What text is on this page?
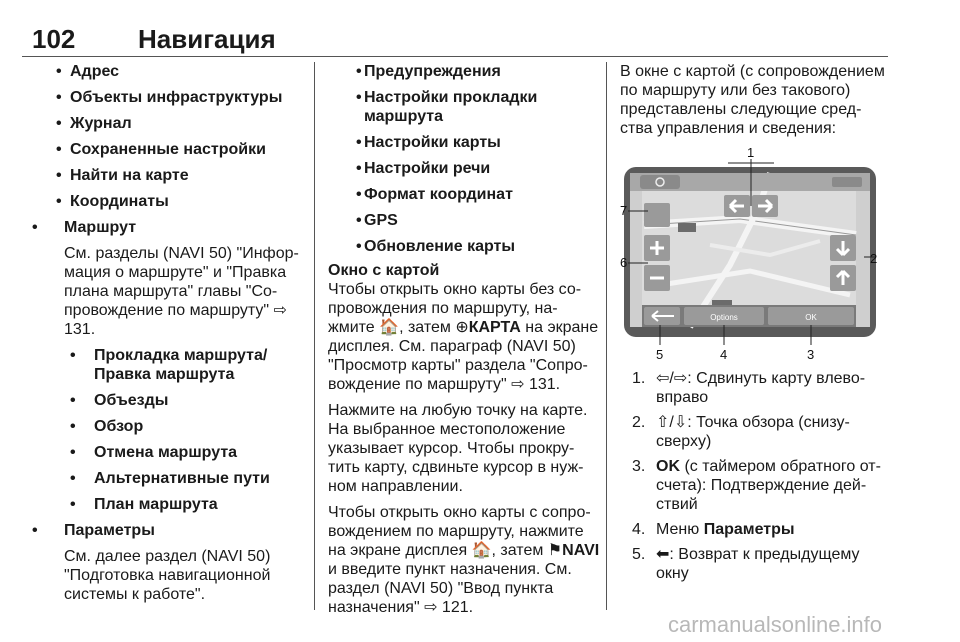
102 Навигация
• Адрес
• Объекты инфраструктуры
• Журнал
• Сохраненные настройки
• Найти на карте
• Координаты
• Маршрут
См. разделы (NAVI 50) "Инфор-мация о маршруте" и "Правка плана маршрута" главы "Со-провождение по маршруту" ⇨ 131.
• Прокладка маршрута/ Правка маршрута
• Объезды
• Обзор
• Отмена маршрута
• Альтернативные пути
• План маршрута
• Параметры
См. далее раздел (NAVI 50) "Подготовка навигационной системы к работе".
• Предупреждения
• Настройки прокладки маршрута
• Настройки карты
• Настройки речи
• Формат координат
• GPS
• Обновление карты
Окно с картой
Чтобы открыть окно карты без со-провождения по маршруту, на-жмите 🏠, затем ⊕КАРТА на экране дисплея. См. параграф (NAVI 50) "Просмотр карты" раздела "Сопро-вождение по маршруту" ⇨ 131.
Нажмите на любую точку на карте. На выбранное местоположение указывает курсор. Чтобы прокру-тить карту, сдвиньте курсор в нуж-ном направлении.
Чтобы открыть окно карты с сопро-вождением по маршруту, нажмите на экране дисплея 🏠, затем ⚑NAVI и введите пункт назначения. См. раздел (NAVI 50) "Ввод пункта назначения" ⇨ 121.
В окне с картой (с сопровождением по маршруту или без такового) представлены следующие сред-ства управления и сведения:
Options	OK
1
2
3
4
5
6
7
1. ⇦/⇨: Сдвинуть карту влево-вправо
2. ⇧/⇩: Точка обзора (снизу-сверху)
3. OK (с таймером обратного от-счета): Подтверждение дей-ствий
4. Меню Параметры
5. ⬅: Возврат к предыдущему окну
carmanualsonline.info
